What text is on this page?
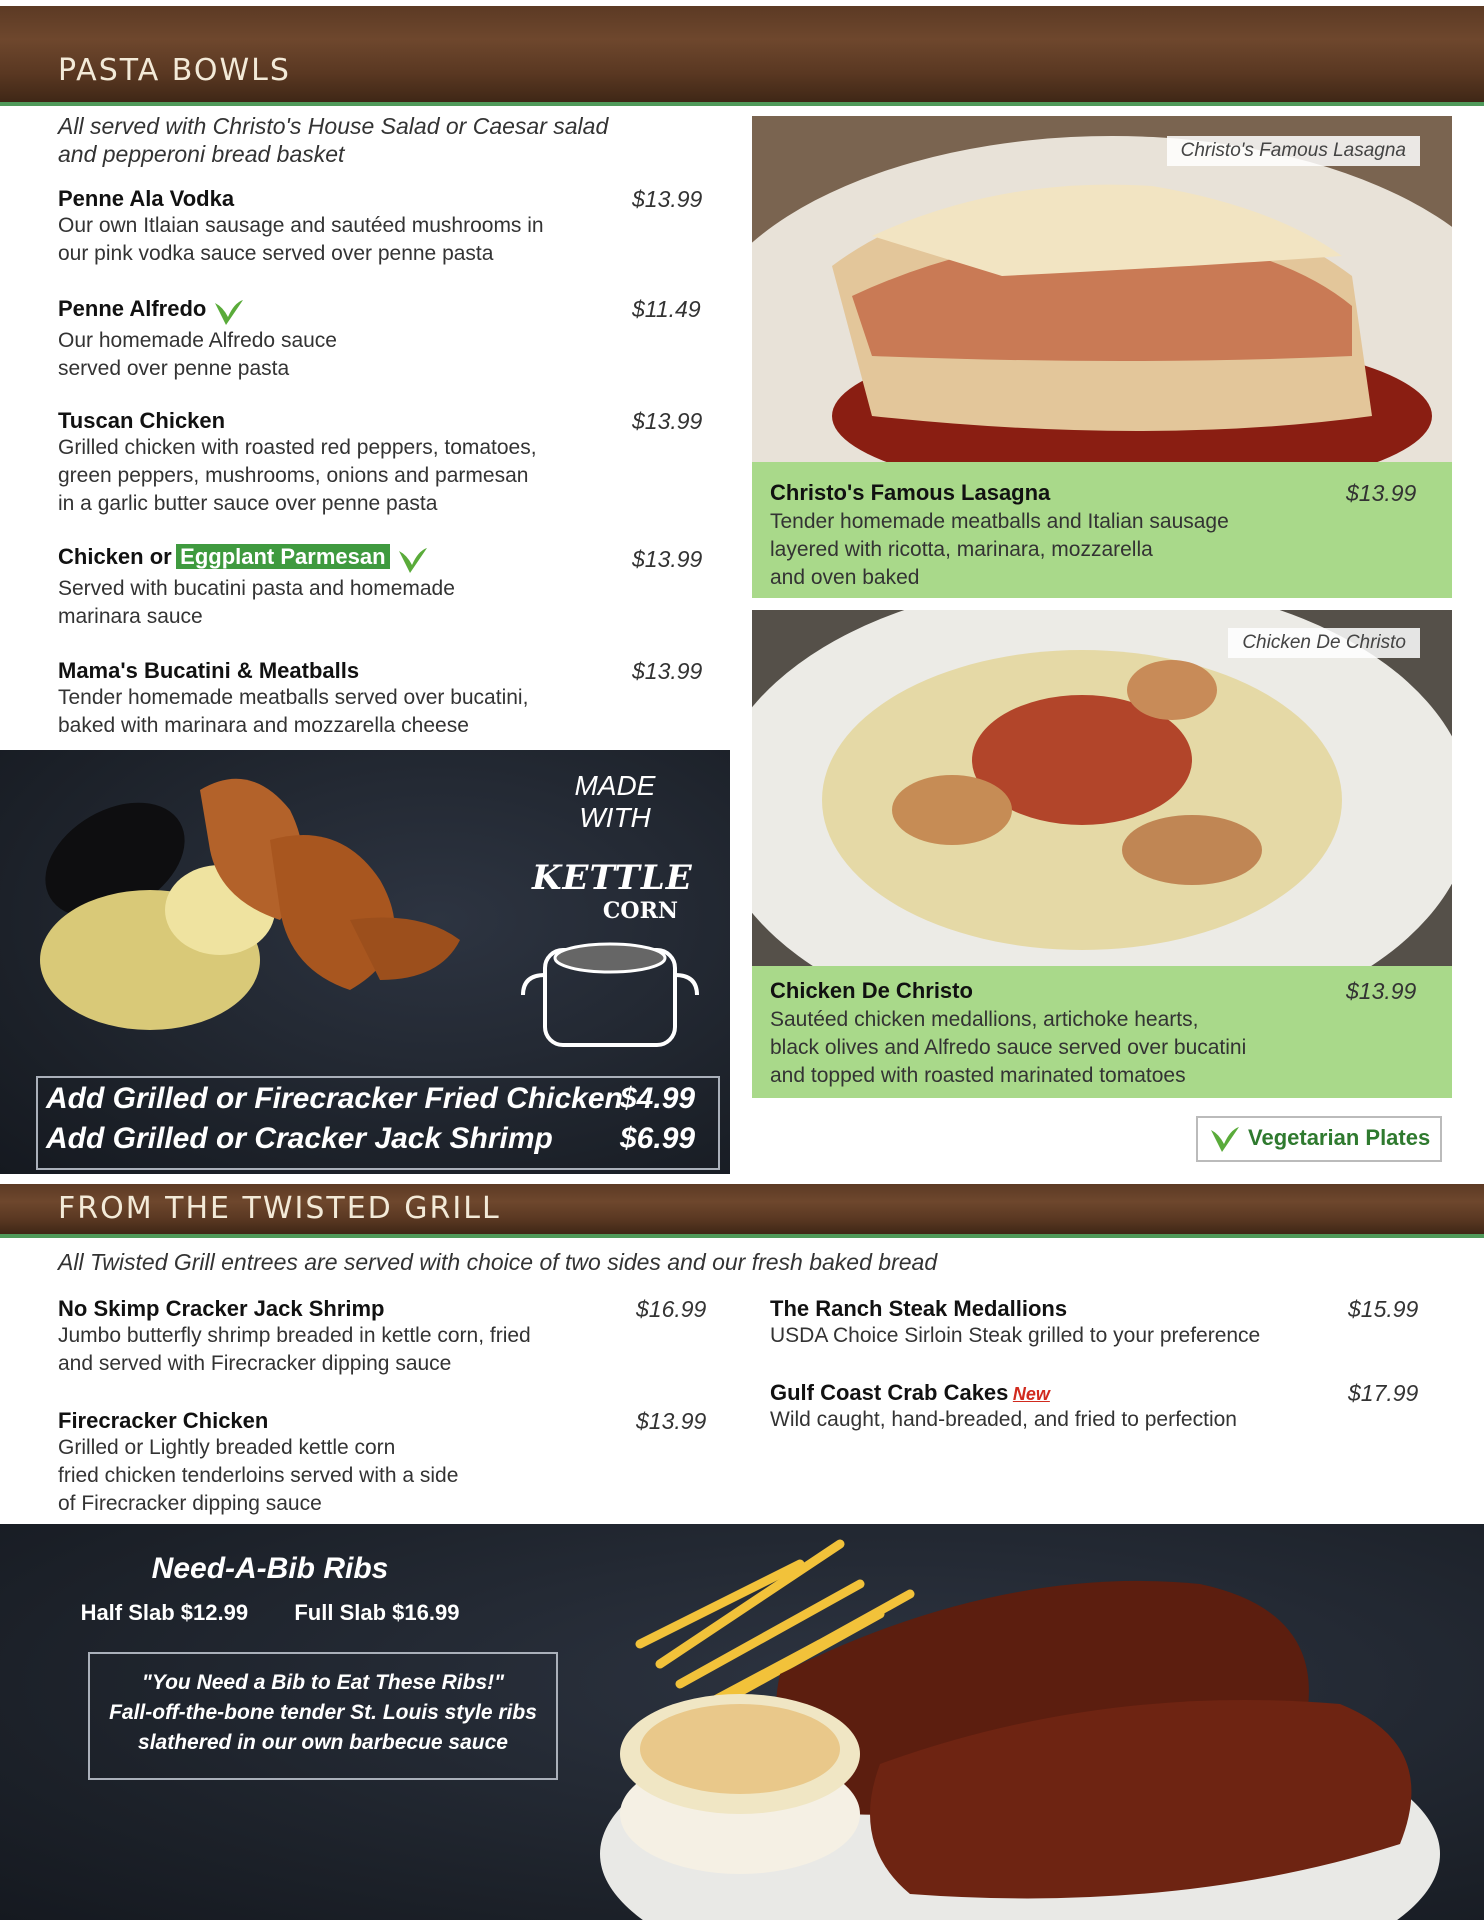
PASTA BOWLS
All served with Christo's House Salad or Caesar salad and pepperoni bread basket
Penne Ala Vodka
Our own Itlaian sausage and sautéed mushrooms in
our pink vodka sauce served over penne pasta
$13.99
Penne Alfredo
Our homemade Alfredo sauce
served over penne pasta
$11.49
Tuscan Chicken
Grilled chicken with roasted red peppers, tomatoes,
green peppers, mushrooms, onions and parmesan
in a garlic butter sauce over penne pasta
$13.99
Chicken or Eggplant Parmesan
Served with bucatini pasta and homemade
marinara sauce
$13.99
Mama's Bucatini & Meatballs
Tender homemade meatballs served over bucatini,
baked with marinara and mozzarella cheese
$13.99
MADE
WITH
KETTLE
CORN
Add Grilled or Firecracker Fried Chicken
$4.99
Add Grilled or Cracker Jack Shrimp $6.99
Christo's Famous Lasagna
Christo's Famous Lasagna	$13.99
Tender homemade meatballs and Italian sausage
layered with ricotta, marinara, mozzarella
and oven baked
Chicken De Christo
Chicken De Christo	$13.99
Sautéed chicken medallions, artichoke hearts,
black olives and Alfredo sauce served over bucatini
and topped with roasted marinated tomatoes
Vegetarian Plates
FROM THE TWISTED GRILL
All Twisted Grill entrees are served with choice of two sides and our fresh baked bread
No Skimp Cracker Jack Shrimp
Jumbo butterfly shrimp breaded in kettle corn, fried
and served with Firecracker dipping sauce
$16.99
Firecracker Chicken
Grilled or Lightly breaded kettle corn
fried chicken tenderloins served with a side
of Firecracker dipping sauce
$13.99
The Ranch Steak Medallions
USDA Choice Sirloin Steak grilled to your preference
$15.99
Gulf Coast Crab Cakes New
Wild caught, hand-breaded, and fried to perfection
$17.99
Need-A-Bib Ribs
Half Slab $12.99 Full Slab $16.99
"You Need a Bib to Eat These Ribs!"
Fall-off-the-bone tender St. Louis style ribs
slathered in our own barbecue sauce
